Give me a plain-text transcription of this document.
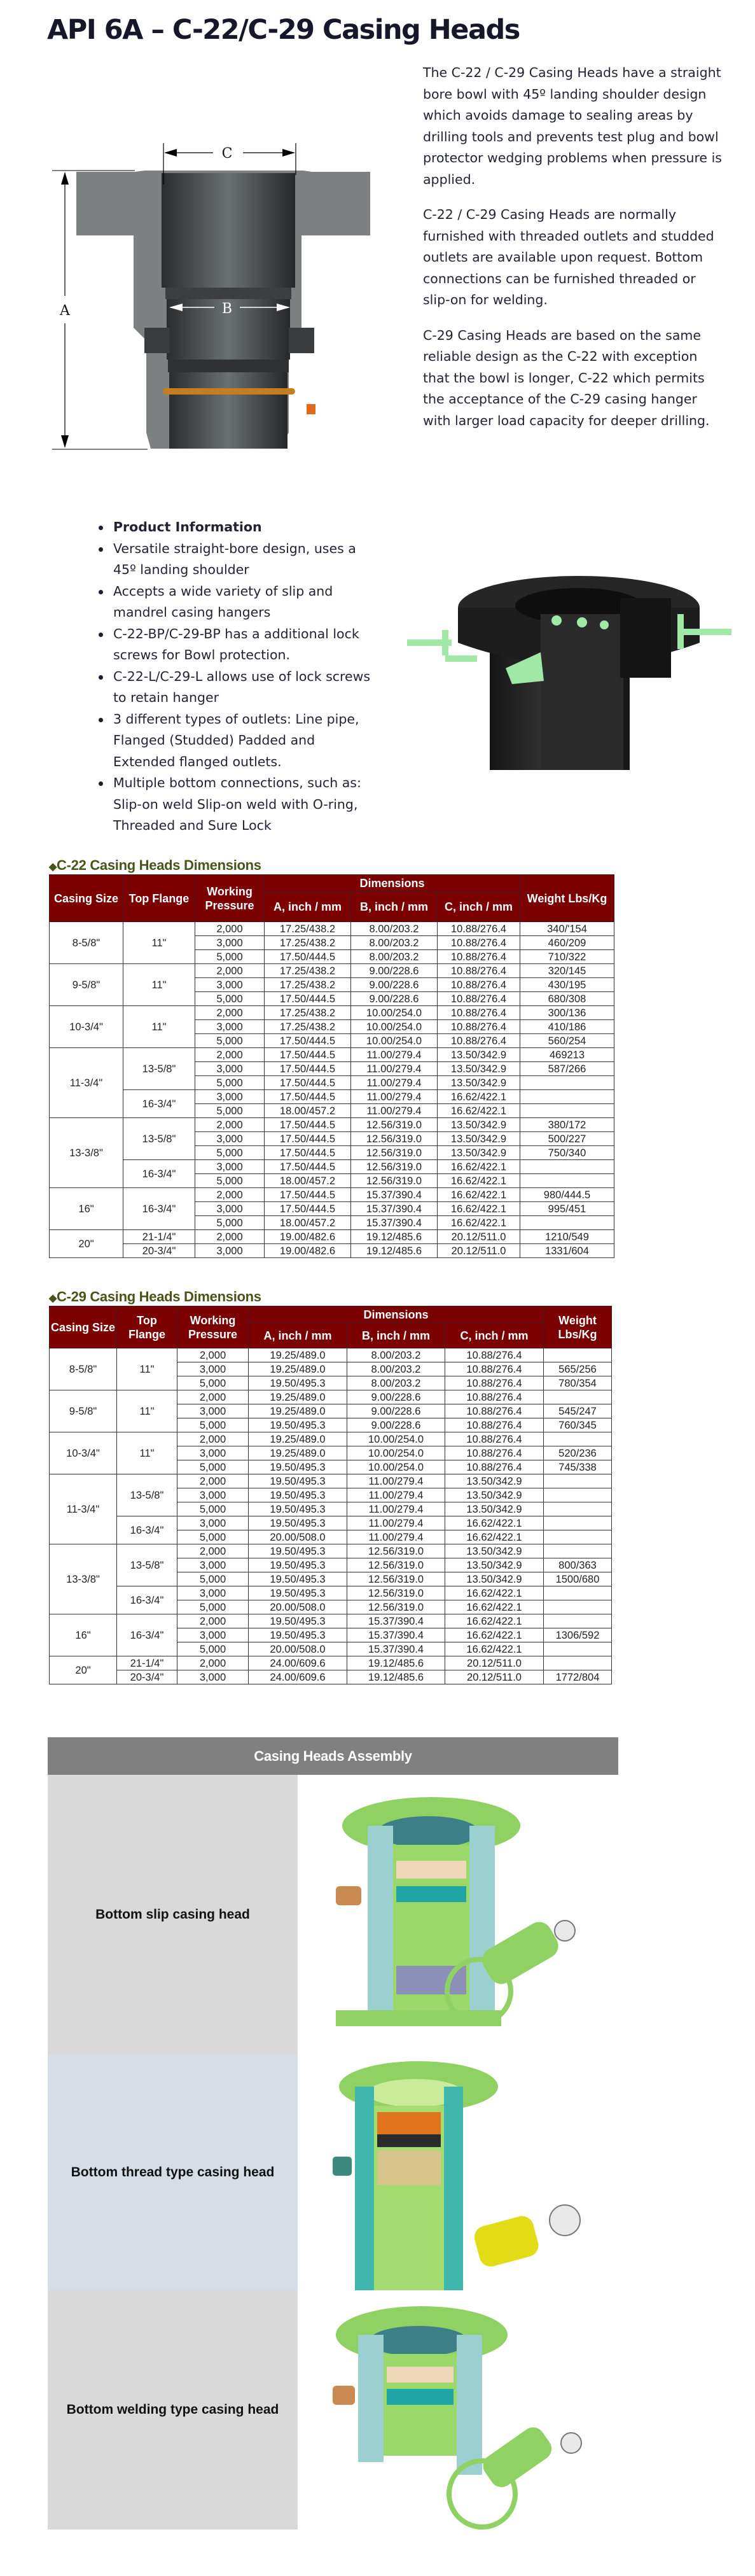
API 6A – C-22/C-29 Casing Heads
C
B
A

The C-22 / C-29 Casing Heads have a straight bore bowl with 45º landing shoulder design which avoids damage to sealing areas by drilling tools and prevents test plug and bowl protector wedging problems when pressure is applied.

C-22 / C-29 Casing Heads are normally furnished with threaded outlets and studded outlets are available upon request. Bottom connections can be furnished threaded or slip-on for welding.

C-29 Casing Heads are based on the same reliable design as the C-22 with exception that the bowl is longer, C-22 which permits the acceptance of the C-29 casing hanger with larger load capacity for deeper drilling.

Product Information
Versatile straight-bore design, uses a 45º landing shoulder
Accepts a wide variety of slip and mandrel casing hangers
C-22-BP/C-29-BP has a additional lock screws for Bowl protection.
C-22-L/C-29-L allows use of lock screws to retain hanger
3 different types of outlets: Line pipe, Flanged (Studded) Padded and Extended flanged outlets.
Multiple bottom connections, such as: Slip-on weld Slip-on weld with O-ring, Threaded and Sure Lock
◆C-22 Casing Heads Dimensions
Casing Size	Top Flange	Working Pressure	Dimensions			Weight Lbs/Kg
			A, inch / mm	B, inch / mm	C, inch / mm	
8-5/8"	11"	2,000	17.25/438.2	8.00/203.2	10.88/276.4	340/'154
		3,000	17.25/438.2	8.00/203.2	10.88/276.4	460/209
		5,000	17.50/444.5	8.00/203.2	10.88/276.4	710/322
9-5/8"	11"	2,000	17.25/438.2	9.00/228.6	10.88/276.4	320/145
		3,000	17.25/438.2	9.00/228.6	10.88/276.4	430/195
		5,000	17.50/444.5	9.00/228.6	10.88/276.4	680/308
10-3/4"	11"	2,000	17.25/438.2	10.00/254.0	10.88/276.4	300/136
		3,000	17.25/438.2	10.00/254.0	10.88/276.4	410/186
		5,000	17.50/444.5	10.00/254.0	10.88/276.4	560/254
11-3/4"	13-5/8"	2,000	17.50/444.5	11.00/279.4	13.50/342.9	469213
		3,000	17.50/444.5	11.00/279.4	13.50/342.9	587/266
		5,000	17.50/444.5	11.00/279.4	13.50/342.9	
	16-3/4"	3,000	17.50/444.5	11.00/279.4	16.62/422.1	
		5,000	18.00/457.2	11.00/279.4	16.62/422.1	
13-3/8"	13-5/8"	2,000	17.50/444.5	12.56/319.0	13.50/342.9	380/172
		3,000	17.50/444.5	12.56/319.0	13.50/342.9	500/227
		5,000	17.50/444.5	12.56/319.0	13.50/342.9	750/340
	16-3/4"	3,000	17.50/444.5	12.56/319.0	16.62/422.1	
		5,000	18.00/457.2	12.56/319.0	16.62/422.1	
16"	16-3/4"	2,000	17.50/444.5	15.37/390.4	16.62/422.1	980/444.5
		3,000	17.50/444.5	15.37/390.4	16.62/422.1	995/451
		5,000	18.00/457.2	15.37/390.4	16.62/422.1	
20"	21-1/4"	2,000	19.00/482.6	19.12/485.6	20.12/511.0	1210/549
	20-3/4"	3,000	19.00/482.6	19.12/485.6	20.12/511.0	1331/604
◆C-29 Casing Heads Dimensions
Casing Size	Top Flange	Working Pressure	Dimensions			Weight Lbs/Kg
			A, inch / mm	B, inch / mm	C, inch / mm	
8-5/8"	11"	2,000	19.25/489.0	8.00/203.2	10.88/276.4	
		3,000	19.25/489.0	8.00/203.2	10.88/276.4	565/256
		5,000	19.50/495.3	8.00/203.2	10.88/276.4	780/354
9-5/8"	11"	2,000	19.25/489.0	9.00/228.6	10.88/276.4	
		3,000	19.25/489.0	9.00/228.6	10.88/276.4	545/247
		5,000	19.50/495.3	9.00/228.6	10.88/276.4	760/345
10-3/4"	11"	2,000	19.25/489.0	10.00/254.0	10.88/276.4	
		3,000	19.25/489.0	10.00/254.0	10.88/276.4	520/236
		5,000	19.50/495.3	10.00/254.0	10.88/276.4	745/338
11-3/4"	13-5/8"	2,000	19.50/495.3	11.00/279.4	13.50/342.9	
		3,000	19.50/495.3	11.00/279.4	13.50/342.9	
		5,000	19.50/495.3	11.00/279.4	13.50/342.9	
	16-3/4"	3,000	19.50/495.3	11.00/279.4	16.62/422.1	
		5,000	20.00/508.0	11.00/279.4	16.62/422.1	
13-3/8"	13-5/8"	2,000	19.50/495.3	12.56/319.0	13.50/342.9	
		3,000	19.50/495.3	12.56/319.0	13.50/342.9	800/363
		5,000	19.50/495.3	12.56/319.0	13.50/342.9	1500/680
	16-3/4"	3,000	19.50/495.3	12.56/319.0	16.62/422.1	
		5,000	20.00/508.0	12.56/319.0	16.62/422.1	
16"	16-3/4"	2,000	19.50/495.3	15.37/390.4	16.62/422.1	
		3,000	19.50/495.3	15.37/390.4	16.62/422.1	1306/592
		5,000	20.00/508.0	15.37/390.4	16.62/422.1	
20"	21-1/4"	2,000	24.00/609.6	19.12/485.6	20.12/511.0	
	20-3/4"	3,000	24.00/609.6	19.12/485.6	20.12/511.0	1772/804
Casing Heads Assembly
Bottom slip casing head
Bottom thread type casing head
Bottom welding type casing head
